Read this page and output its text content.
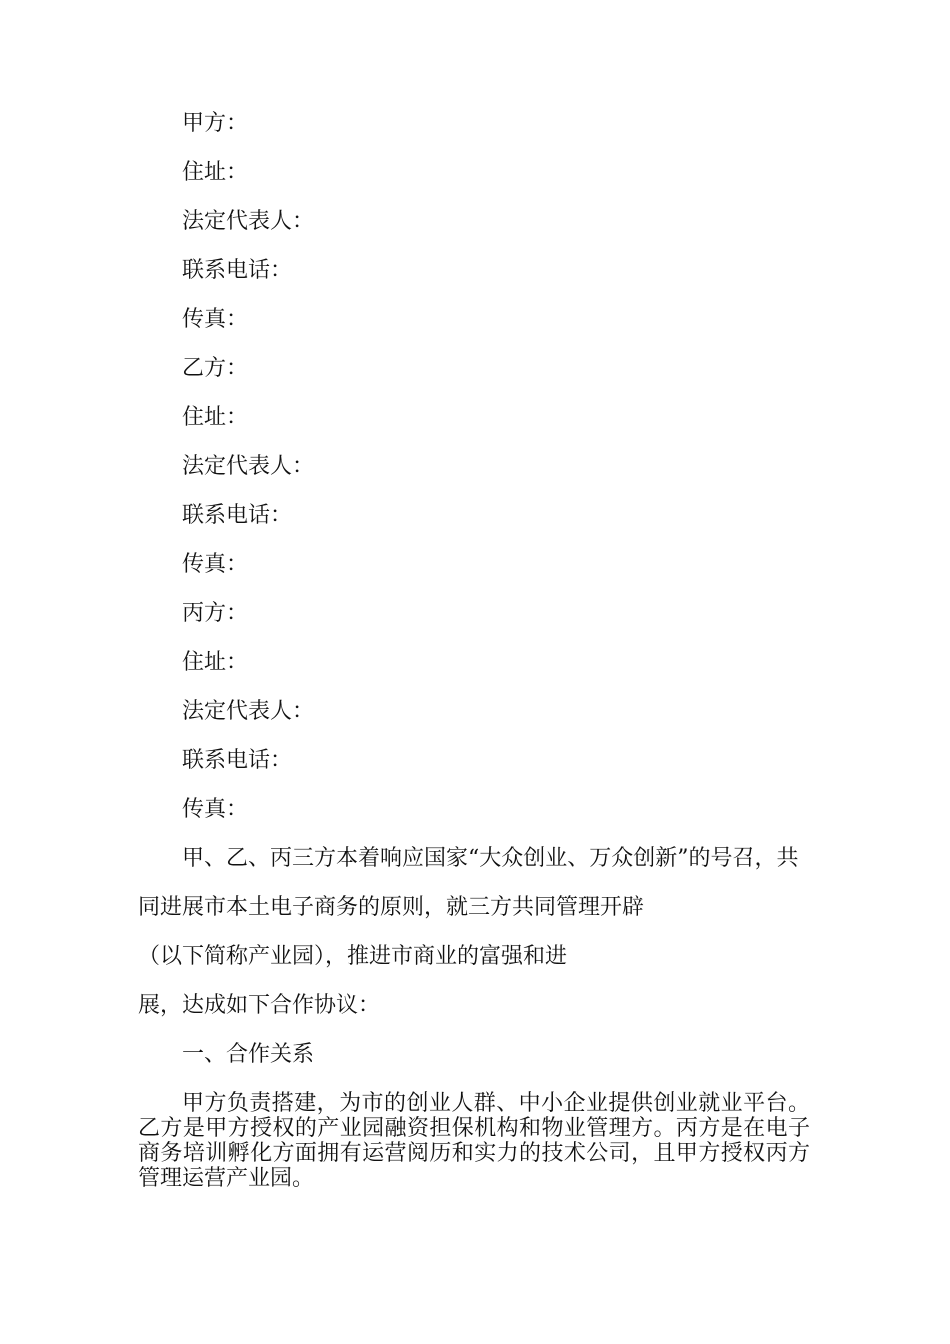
甲方：
住址：
法定代表人：
联系电话：
传真：
乙方：
住址：
法定代表人：
联系电话：
传真：
丙方：
住址：
法定代表人：
联系电话：
传真：
甲、乙、丙三方本着响应国家“大众创业、万众创新”的号召，共
同进展市本土电子商务的原则，就三方共同管理开辟
（以下简称产业园），推进市商业的富强和进
展，达成如下合作协议：
一、合作关系
甲方负责搭建，为市的创业人群、中小企业提供创业就业平台。乙方是甲方授权的产业园融资担保机构和物业管理方。丙方是在电子商务培训孵化方面拥有运营阅历和实力的技术公司，且甲方授权丙方管理运营产业园。
